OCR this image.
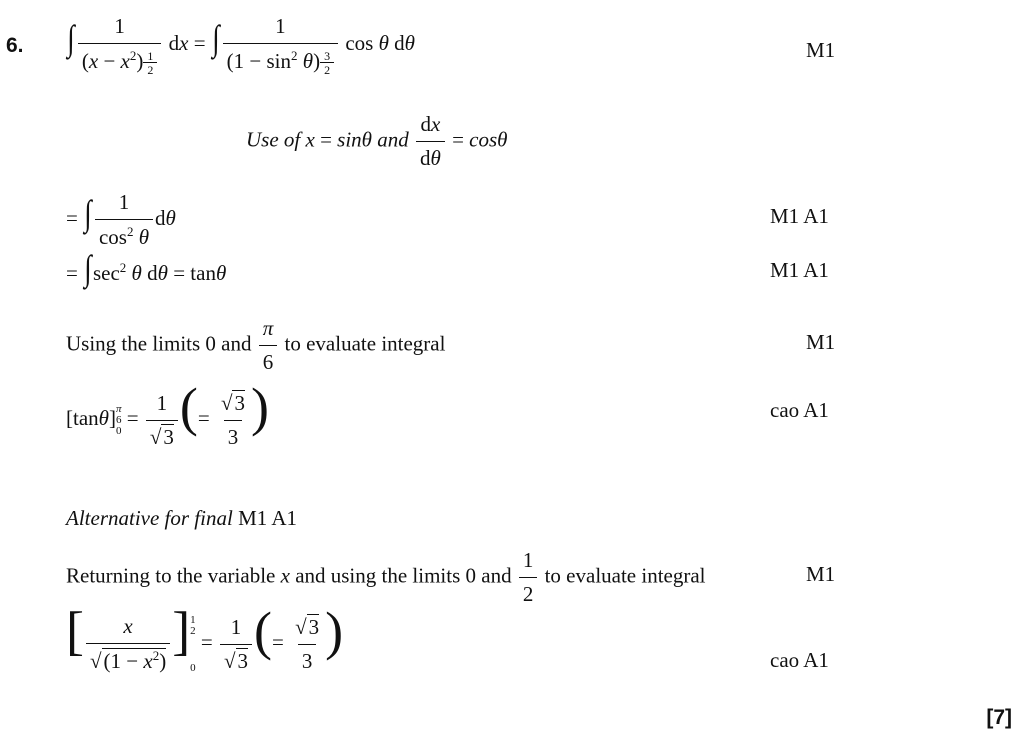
6. ∫ $\frac{1}{(x - x^2) \frac{1}{2}}$ dx = ∫ $\frac{1}{(1 - \sin^2 \theta) \frac{3}{2}}$ cos θ dθ	M1
Use of x = sinθ and $\frac{dx}{d\theta} = \cos\theta$
= ∫ $\frac{1}{\cos^2 \theta}$ dθ	M1 A1
= $\int\sec^2$ θ dθ = tanθ	M1 A1
Using the limits 0 and $\frac{\pi}{6}$ to evaluate integral	M1
[tanθ] π
6
0
= $\frac{1}{√3}$ (= $\frac{√3}{3}$ )	cao A1
Alternative for final M1 A1
Returning to the variable x and using the limits 0 and $\frac{1}{2}$ to evaluate integral	M1
[ $\frac{x}{√(1 - x^2)}$ ] 1
2
0
= $\frac{1}{√3}$ (= $\frac{√3}{3}$ )	cao A1
[7]
